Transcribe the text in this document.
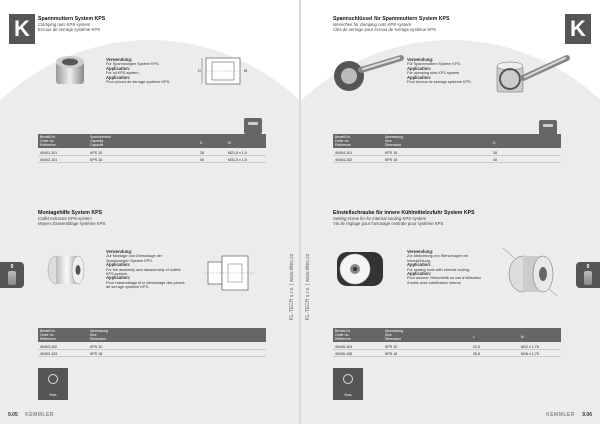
K	Spannmuttern System KPS
Clamping nuts KPS-system
Ecrous de serrage système KPS
Verwendung:
Für Spannzangen System KPS.
Application:
For all KPS-system.
Application:
Pour pinces de serrage système KPS.
D	M
Bestell-Nr.
Order no.
Référence
Spannbereich
Capacity
Capacité	D	M
40401-101	KPS 10	28	M21,5 x 1,0
40402-101	KPS 16	40	M31,5 x 1,5
Montagehilfe System KPS
Collet extractor KPS-system
Moyen d'assemblage système KPS
Verwendung:
Zur Montage und Demontage der Spannzangen System KPS.
Application:
For the assembly and disassembly of collets KPS-system.
Application:
Pour l'assemblage et le démontage des pinces de serrage système KPS.
Bestell-Nr.
Order no.
Référence
Abmessung
Size
Dimension
40403-102	KPS 10
40403-103	KPS 16
Kas
9	KL-TECH s.r.o. | www.kltec.cz
9.05 KEMMLER
K
Spannschlüssel für Spannmuttern System KPS
Wrenches for clamping nuts KPS-system
Clés de serrage pour écrous de serrage système KPS
Verwendung:
Für Spannmuttern System KPS.
Application:
For clamping nuts KPS-system.
Application:
Pour écrous de serrage système KPS.
Bestell-Nr.
Order no.
Référence
Abmessung
Size
Dimension	D
40404-101	KPS 10	28
40404-102	KPS 16	40
Einstellschraube für innere Kühlmittelzufuhr System KPS
Setting screw for for internal cooling KPS-system
Vis de réglage pour l'arrosage centrale pour système KPS
Verwendung:
Zur Abdichtung von Werkzeugen mit Innenkühlung.
Application:
For sealing tools with internal cooling.
Application:
Pour assurer l'étanchéité en cas d'utilisation d'outils avec lubrification interne.
Bestell-Nr.
Order no.
Référence
Abmessung
Size
Dimension	L	M
40406-104	KPS 10	22,5	M12 x 1,75
40406-105	KPS 16	26,5	M16 x 1,75
Kas
9
KL-TECH s.r.o. | www.kltec.cz
KEMMLER 9.06
